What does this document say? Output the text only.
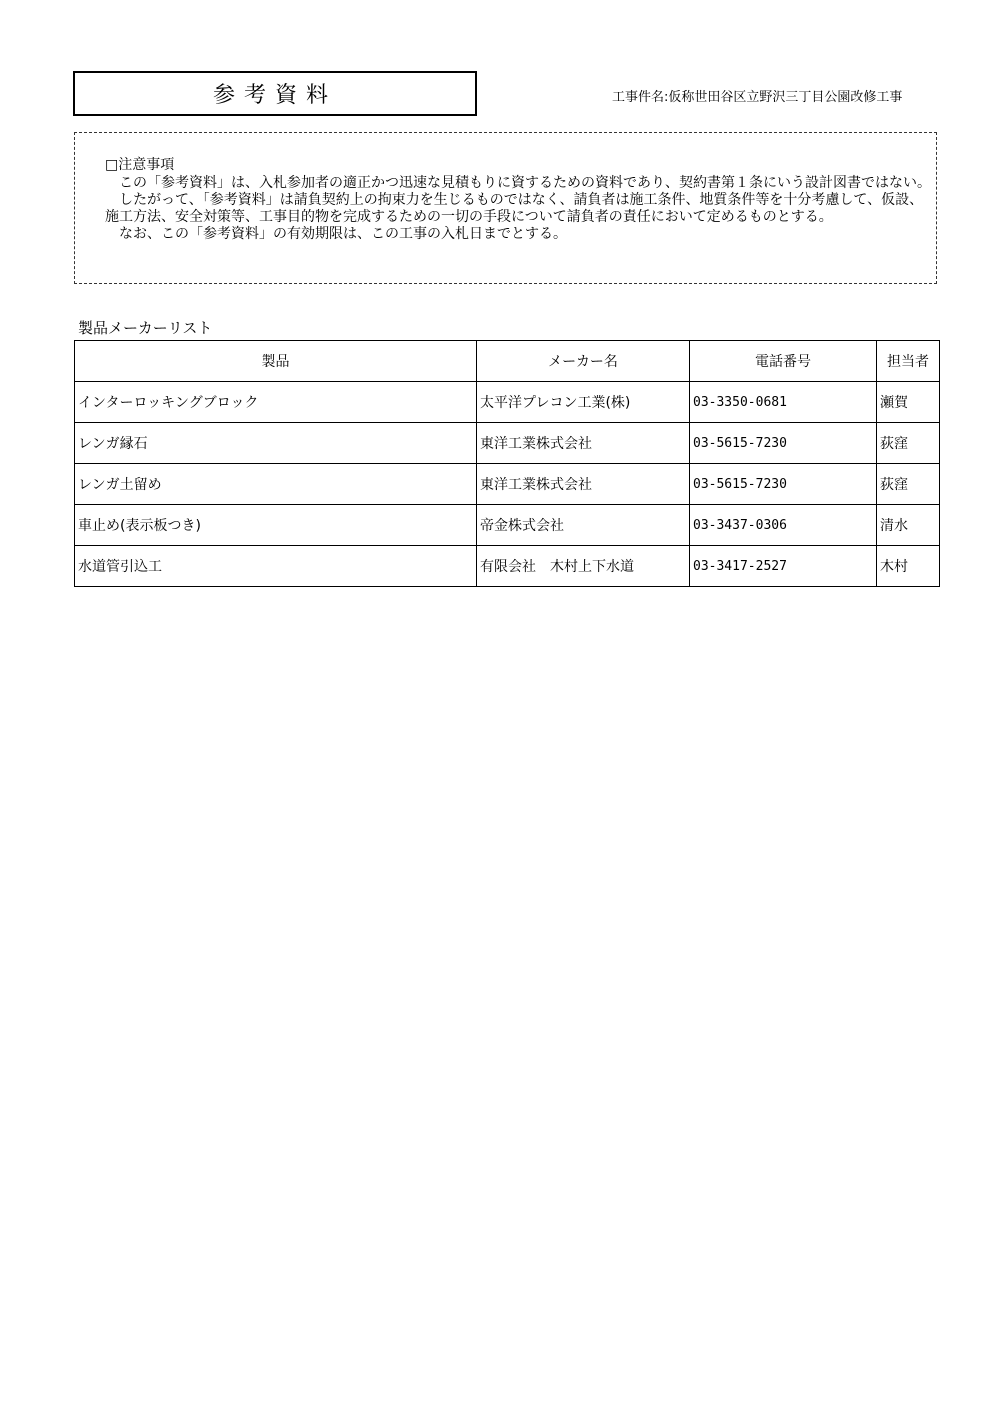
参考資料	工事件名:仮称世田谷区立野沢三丁目公園改修工事
□注意事項

この「参考資料」は、入札参加者の適正かつ迅速な見積もりに資するための資料であり、契約書第１条にいう設計図書ではない。

したがって、「参考資料」は請負契約上の拘束力を生じるものではなく、請負者は施工条件、地質条件等を十分考慮して、仮設、施工方法、安全対策等、工事目的物を完成するための一切の手段について請負者の責任において定めるものとする。

なお、この「参考資料」の有効期限は、この工事の入札日までとする。

製品メーカーリスト
製品	メーカー名	電話番号	担当者
インターロッキングブロック	太平洋プレコン工業(株)	03-3350-0681	瀬賀
レンガ縁石	東洋工業株式会社	03-5615-7230	荻窪
レンガ土留め	東洋工業株式会社	03-5615-7230	荻窪
車止め(表示板つき)	帝金株式会社	03-3437-0306	清水
水道管引込工	有限会社　木村上下水道	03-3417-2527	木村
